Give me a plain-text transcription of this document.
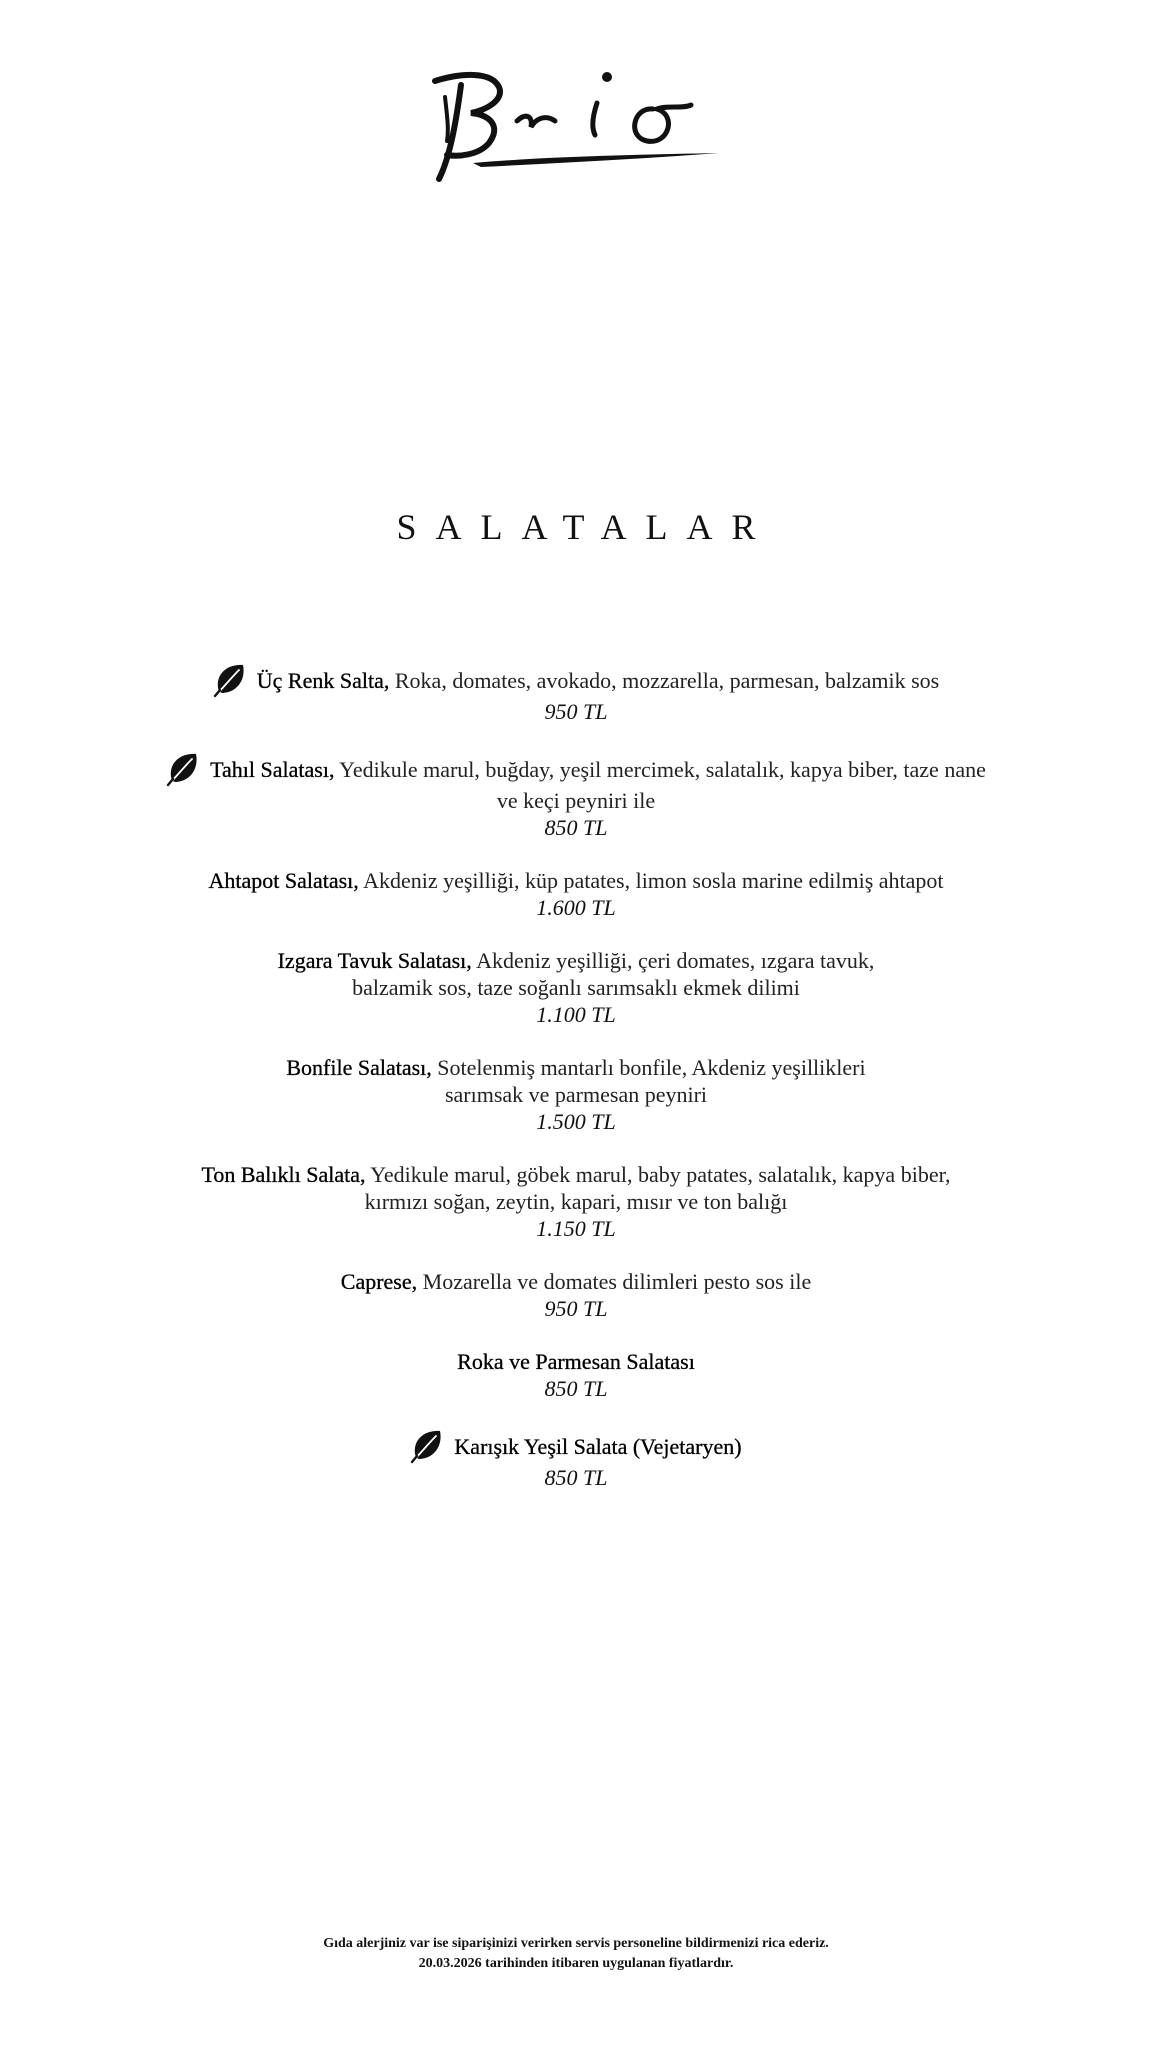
SALATALAR
Üç Renk Salta, Roka, domates, avokado, mozzarella, parmesan, balzamik sos
950 TL
Tahıl Salatası, Yedikule marul, buğday, yeşil mercimek, salatalık, kapya biber, taze nane
ve keçi peyniri ile
850 TL
Ahtapot Salatası, Akdeniz yeşilliği, küp patates, limon sosla marine edilmiş ahtapot
1.600 TL
Izgara Tavuk Salatası, Akdeniz yeşilliği, çeri domates, ızgara tavuk,
balzamik sos, taze soğanlı sarımsaklı ekmek dilimi
1.100 TL
Bonfile Salatası, Sotelenmiş mantarlı bonfile, Akdeniz yeşillikleri
sarımsak ve parmesan peyniri
1.500 TL
Ton Balıklı Salata, Yedikule marul, göbek marul, baby patates, salatalık, kapya biber,
kırmızı soğan, zeytin, kapari, mısır ve ton balığı
1.150 TL
Caprese, Mozarella ve domates dilimleri pesto sos ile
950 TL
Roka ve Parmesan Salatası
850 TL
Karışık Yeşil Salata (Vejetaryen)
850 TL
Gıda alerjiniz var ise siparişinizi verirken servis personeline bildirmenizi rica ederiz.
20.03.2026 tarihinden itibaren uygulanan fiyatlardır.
